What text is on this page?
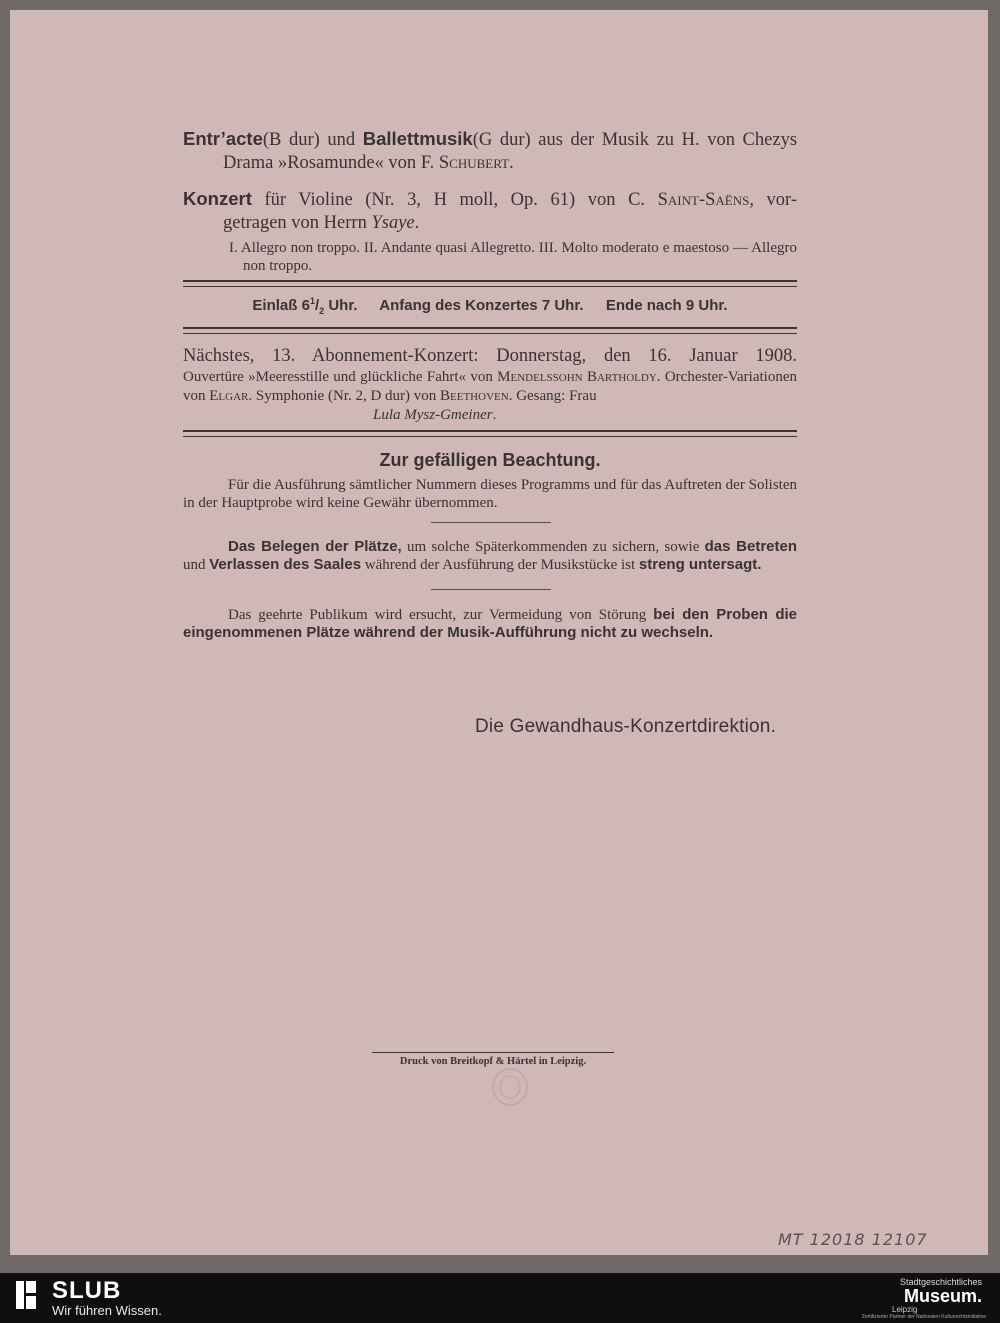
Entr’acte(B dur) und Ballettmusik(G dur) aus der Musik zu H. von Chezys
Drama »Rosamunde« von F. Schubert.
Konzert für Violine (Nr. 3, H moll, Op. 61) von C. Saint-Saëns, vor-
getragen von Herrn Ysaye.
I. Allegro non troppo. II. Andante quasi Allegretto. III. Molto moderato e maestoso — Allegro non troppo.
Einlaß $6^1/_2$ Uhr. Anfang des Konzertes 7 Uhr. Ende nach 9 Uhr.
Nächstes, 13. Abonnement-Konzert: Donnerstag, den 16. Januar 1908.
Ouvertüre »Meeresstille und glückliche Fahrt« von Mendelssohn Bartholdy. Orchester-Variationen von Elgar. Symphonie (Nr. 2, D dur) von Beethoven. Gesang: Frau
Lula Mysz-Gmeiner.
Zur gefälligen Beachtung.
Für die Ausführung sämtlicher Nummern dieses Programms und für das Auftreten der Solisten in der Hauptprobe wird keine Gewähr übernommen.
Das Belegen der Plätze, um solche Späterkommenden zu sichern, sowie das Betreten und Verlassen des Saales während der Ausführung der Musikstücke ist streng untersagt.
Das geehrte Publikum wird ersucht, zur Vermeidung von Störung bei den Proben die eingenommenen Plätze während der Musik-Aufführung nicht zu wechseln.
Die Gewandhaus-Konzertdirektion.
Druck von Breitkopf & Härtel in Leipzig.
MT 12018 12107
SLUB
Wir führen Wissen.
Stadtgeschichtliches
Museum.
Leipzig
Zertifizierter Partner der Nationalen Kulturrechtsinitiative
